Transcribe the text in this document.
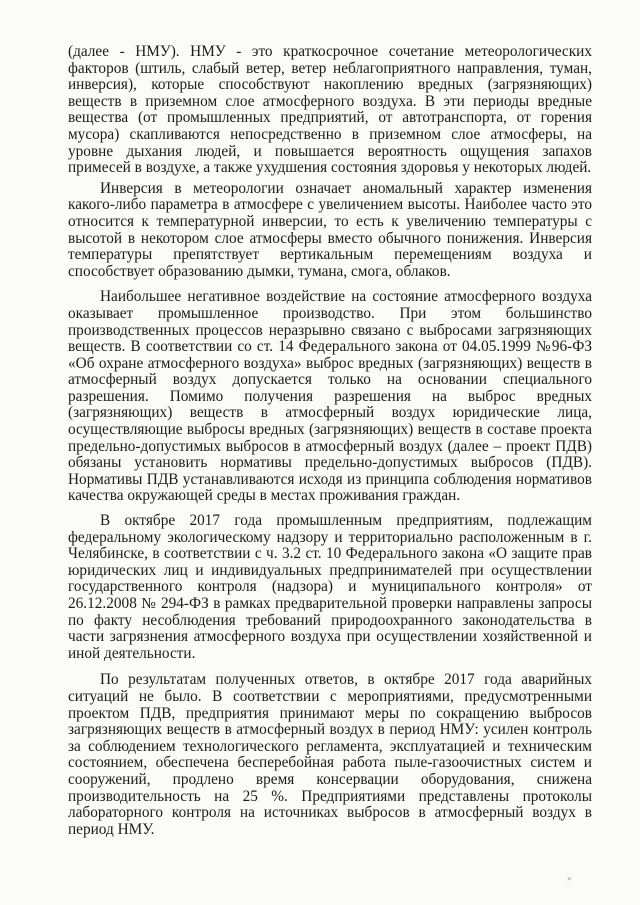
(далее - НМУ). НМУ - это краткосрочное сочетание метеорологических факторов (штиль, слабый ветер, ветер неблагоприятного направления, туман, инверсия), которые способствуют накоплению вредных (загрязняющих) веществ в приземном слое атмосферного воздуха. В эти периоды вредные вещества (от промышленных предприятий, от автотранспорта, от горения мусора) скапливаются непосредственно в приземном слое атмосферы, на уровне дыхания людей, и повышается вероятность ощущения запахов примесей в воздухе, а также ухудшения состояния здоровья у некоторых людей.

Инверсия в метеорологии означает аномальный характер изменения какого-либо параметра в атмосфере с увеличением высоты. Наиболее часто это относится к температурной инверсии, то есть к увеличению температуры с высотой в некотором слое атмосферы вместо обычного понижения. Инверсия температуры препятствует вертикальным перемещениям воздуха и способствует образованию дымки, тумана, смога, облаков.

Наибольшее негативное воздействие на состояние атмосферного воздуха оказывает промышленное производство. При этом большинство производственных процессов неразрывно связано с выбросами загрязняющих веществ. В соответствии со ст. 14 Федерального закона от 04.05.1999 №96-ФЗ «Об охране атмосферного воздуха» выброс вредных (загрязняющих) веществ в атмосферный воздух допускается только на основании специального разрешения. Помимо получения разрешения на выброс вредных (загрязняющих) веществ в атмосферный воздух юридические лица, осуществляющие выбросы вредных (загрязняющих) веществ в составе проекта предельно-допустимых выбросов в атмосферный воздух (далее – проект ПДВ) обязаны установить нормативы предельно-допустимых выбросов (ПДВ). Нормативы ПДВ устанавливаются исходя из принципа соблюдения нормативов качества окружающей среды в местах проживания граждан.

В октябре 2017 года промышленным предприятиям, подлежащим федеральному экологическому надзору и территориально расположенным в г. Челябинске, в соответствии с ч. 3.2 ст. 10 Федерального закона «О защите прав юридических лиц и индивидуальных предпринимателей при осуществлении государственного контроля (надзора) и муниципального контроля» от 26.12.2008 № 294-ФЗ в рамках предварительной проверки направлены запросы по факту несоблюдения требований природоохранного законодательства в части загрязнения атмосферного воздуха при осуществлении хозяйственной и иной деятельности.

По результатам полученных ответов, в октябре 2017 года аварийных ситуаций не было. В соответствии с мероприятиями, предусмотренными проектом ПДВ, предприятия принимают меры по сокращению выбросов загрязняющих веществ в атмосферный воздух в период НМУ: усилен контроль за соблюдением технологического регламента, эксплуатацией и техническим состоянием, обеспечена бесперебойная работа пыле-газоочистных систем и сооружений, продлено время консервации оборудования, снижена производительность на 25 %. Предприятиями представлены протоколы лабораторного контроля на источниках выбросов в атмосферный воздух в период НМУ.

»
